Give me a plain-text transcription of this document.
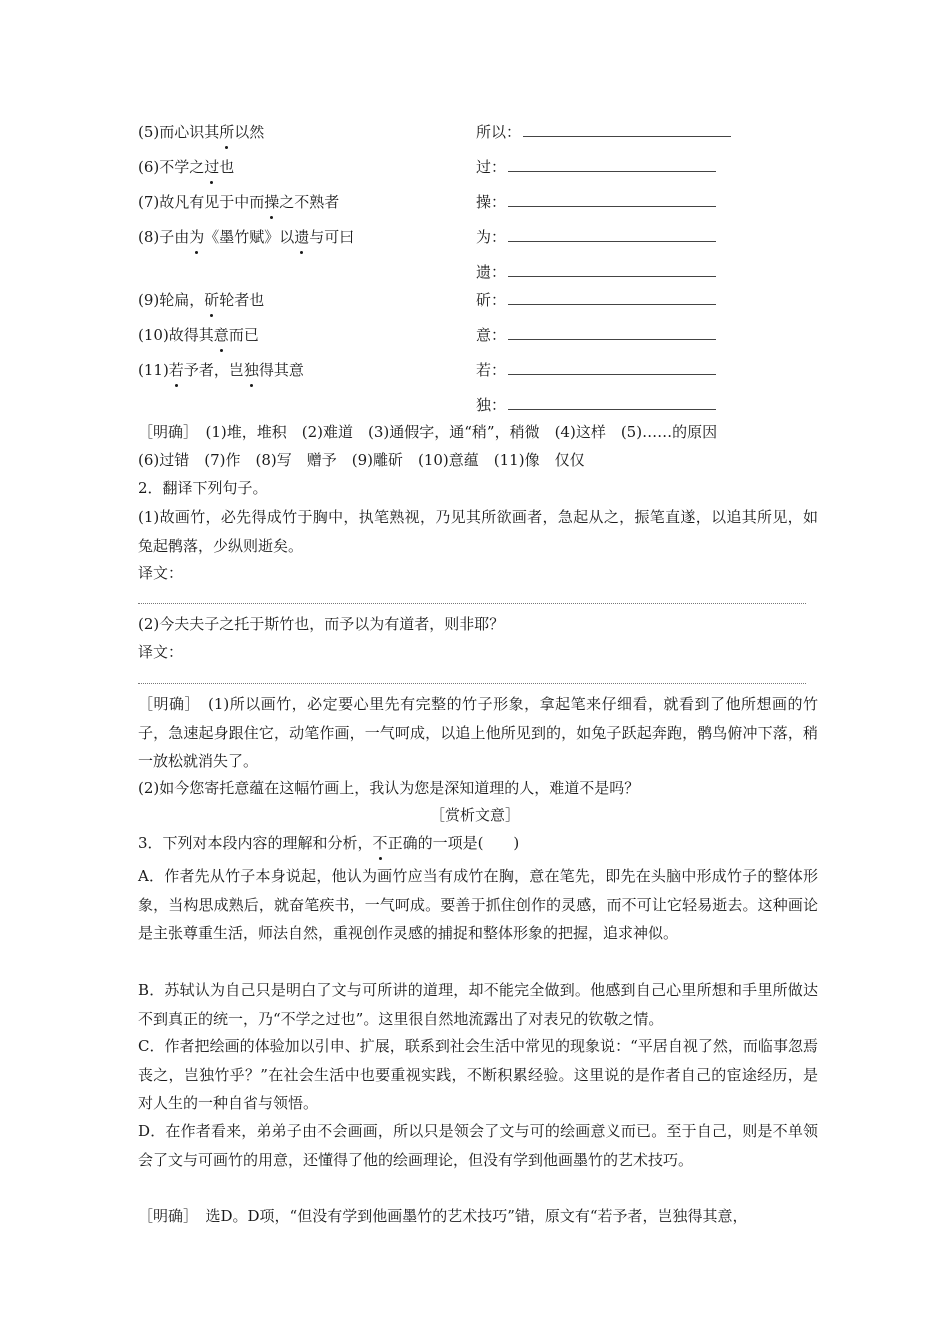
(5)而心识其所以然	所以：
(6)不学之过也	过：
(7)故凡有见于中而操之不熟者	操：
(8)子由为《墨竹赋》以遗与可曰	为：
遗：
(9)轮扁，斫轮者也	斫：
(10)故得其意而已	意：
(11)若予者，岂独得其意	若：
独：
［明确］　(1)堆，堆积　(2)难道　(3)通假字，通“稍”，稍微　(4)这样　(5)……的原因
(6)过错　(7)作　(8)写　赠予　(9)雕斫　(10)意蕴　(11)像　仅仅
2．翻译下列句子。
(1)故画竹，必先得成竹于胸中，执笔熟视，乃见其所欲画者，急起从之，振笔直遂，以追其所见，如兔起鹘落，少纵则逝矣。
译文：
(2)今夫夫子之托于斯竹也，而予以为有道者，则非耶？
译文：
［明确］　(1)所以画竹，必定要心里先有完整的竹子形象，拿起笔来仔细看，就看到了他所想画的竹子，急速起身跟住它，动笔作画，一气呵成，以追上他所见到的，如兔子跃起奔跑，鹘鸟俯冲下落，稍一放松就消失了。
(2)如今您寄托意蕴在这幅竹画上，我认为您是深知道理的人，难道不是吗？
［赏析文意］
3．下列对本段内容的理解和分析，不正确的一项是(　　)
A．作者先从竹子本身说起，他认为画竹应当有成竹在胸，意在笔先，即先在头脑中形成竹子的整体形象，当构思成熟后，就奋笔疾书，一气呵成。要善于抓住创作的灵感，而不可让它轻易逝去。这种画论是主张尊重生活，师法自然，重视创作灵感的捕捉和整体形象的把握，追求神似。
B．苏轼认为自己只是明白了文与可所讲的道理，却不能完全做到。他感到自己心里所想和手里所做达不到真正的统一，乃“不学之过也”。这里很自然地流露出了对表兄的钦敬之情。
C．作者把绘画的体验加以引申、扩展，联系到社会生活中常见的现象说：“平居自视了然，而临事忽焉丧之，岂独竹乎？”在社会生活中也要重视实践，不断积累经验。这里说的是作者自己的宦途经历，是对人生的一种自省与领悟。
D．在作者看来，弟弟子由不会画画，所以只是领会了文与可的绘画意义而已。至于自己，则是不单领会了文与可画竹的用意，还懂得了他的绘画理论，但没有学到他画墨竹的艺术技巧。
［明确］　选D。D项，“但没有学到他画墨竹的艺术技巧”错，原文有“若予者，岂独得其意，
